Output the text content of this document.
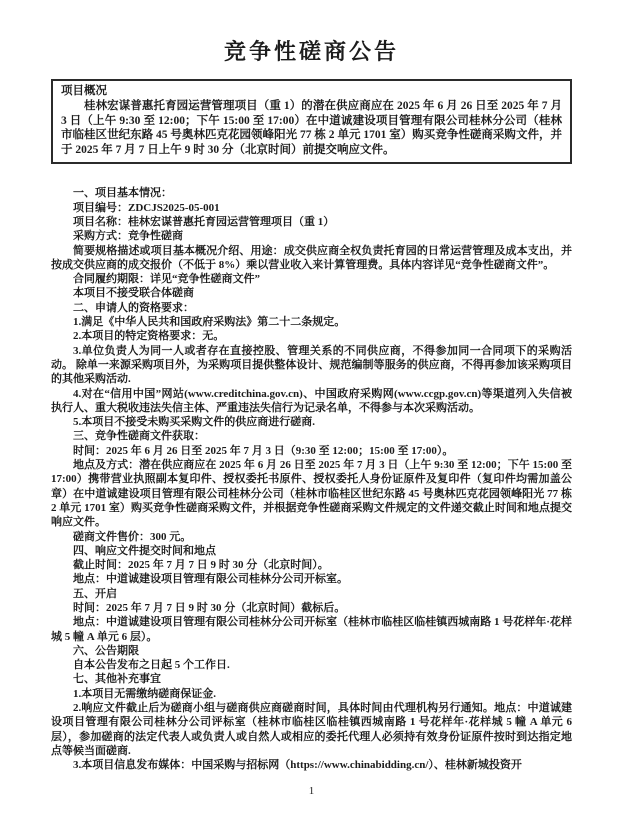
竞争性磋商公告
项目概况

桂林宏谋普惠托育园运营管理项目（重 1）的潜在供应商应在 2025 年 6 月 26 日至 2025 年 7 月 3 日（上午 9:30 至 12:00；下午 15:00 至 17:00）在中道诚建设项目管理有限公司桂林分公司（桂林市临桂区世纪东路 45 号奥林匹克花园领峰阳光 77 栋 2 单元 1701 室）购买竞争性磋商采购文件，并于 2025 年 7 月 7 日上午 9 时 30 分（北京时间）前提交响应文件。

一、项目基本情况：

项目编号：ZDCJS2025-05-001

项目名称：桂林宏谋普惠托育园运营管理项目（重 1）

采购方式：竞争性磋商

简要规格描述或项目基本概况介绍、用途：成交供应商全权负责托育园的日常运营管理及成本支出，并按成交供应商的成交报价（不低于 8%）乘以营业收入来计算管理费。具体内容详见“竞争性磋商文件”。

合同履约期限：详见“竞争性磋商文件”

本项目不接受联合体磋商

二、申请人的资格要求：

1.满足《中华人民共和国政府采购法》第二十二条规定。

2.本项目的特定资格要求：无。

3.单位负责人为同一人或者存在直接控股、管理关系的不同供应商，不得参加同一合同项下的采购活动。 除单一来源采购项目外，为采购项目提供整体设计、规范编制等服务的供应商，不得再参加该采购项目的其他采购活动.

4.对在“信用中国”网站(www.creditchina.gov.cn)、中国政府采购网(www.ccgp.gov.cn)等渠道列入失信被执行人、重大税收违法失信主体、严重违法失信行为记录名单，不得参与本次采购活动。

5.本项目不接受未购买采购文件的供应商进行磋商.

三、竞争性磋商文件获取：

时间：2025 年 6 月 26 日至 2025 年 7 月 3 日（9:30 至 12:00；15:00 至 17:00）。

地点及方式：潜在供应商应在 2025 年 6 月 26 日至 2025 年 7 月 3 日（上午 9:30 至 12:00；下午 15:00 至 17:00）携带营业执照副本复印件、授权委托书原件、授权委托人身份证原件及复印件（复印件均需加盖公章）在中道诚建设项目管理有限公司桂林分公司（桂林市临桂区世纪东路 45 号奥林匹克花园领峰阳光 77 栋 2 单元 1701 室）购买竞争性磋商采购文件，并根据竞争性磋商采购文件规定的文件递交截止时间和地点提交响应文件。

磋商文件售价：300 元。

四、响应文件提交时间和地点

截止时间：2025 年 7 月 7 日 9 时 30 分（北京时间）。

地点：中道诚建设项目管理有限公司桂林分公司开标室。

五、开启

时间：2025 年 7 月 7 日 9 时 30 分（北京时间）截标后。

地点：中道诚建设项目管理有限公司桂林分公司开标室（桂林市临桂区临桂镇西城南路 1 号花样年·花样城 5 幢 A 单元 6 层）。

六、公告期限

自本公告发布之日起 5 个工作日.

七、其他补充事宜

1.本项目无需缴纳磋商保证金.

2.响应文件截止后为磋商小组与磋商供应商磋商时间，具体时间由代理机构另行通知。地点：中道诚建设项目管理有限公司桂林分公司评标室（桂林市临桂区临桂镇西城南路 1 号花样年·花样城 5 幢 A 单元 6 层），参加磋商的法定代表人或负责人或自然人或相应的委托代理人必须持有效身份证原件按时到达指定地点等候当面磋商.

3.本项目信息发布媒体：中国采购与招标网（https://www.chinabidding.cn/）、桂林新城投资开

1
